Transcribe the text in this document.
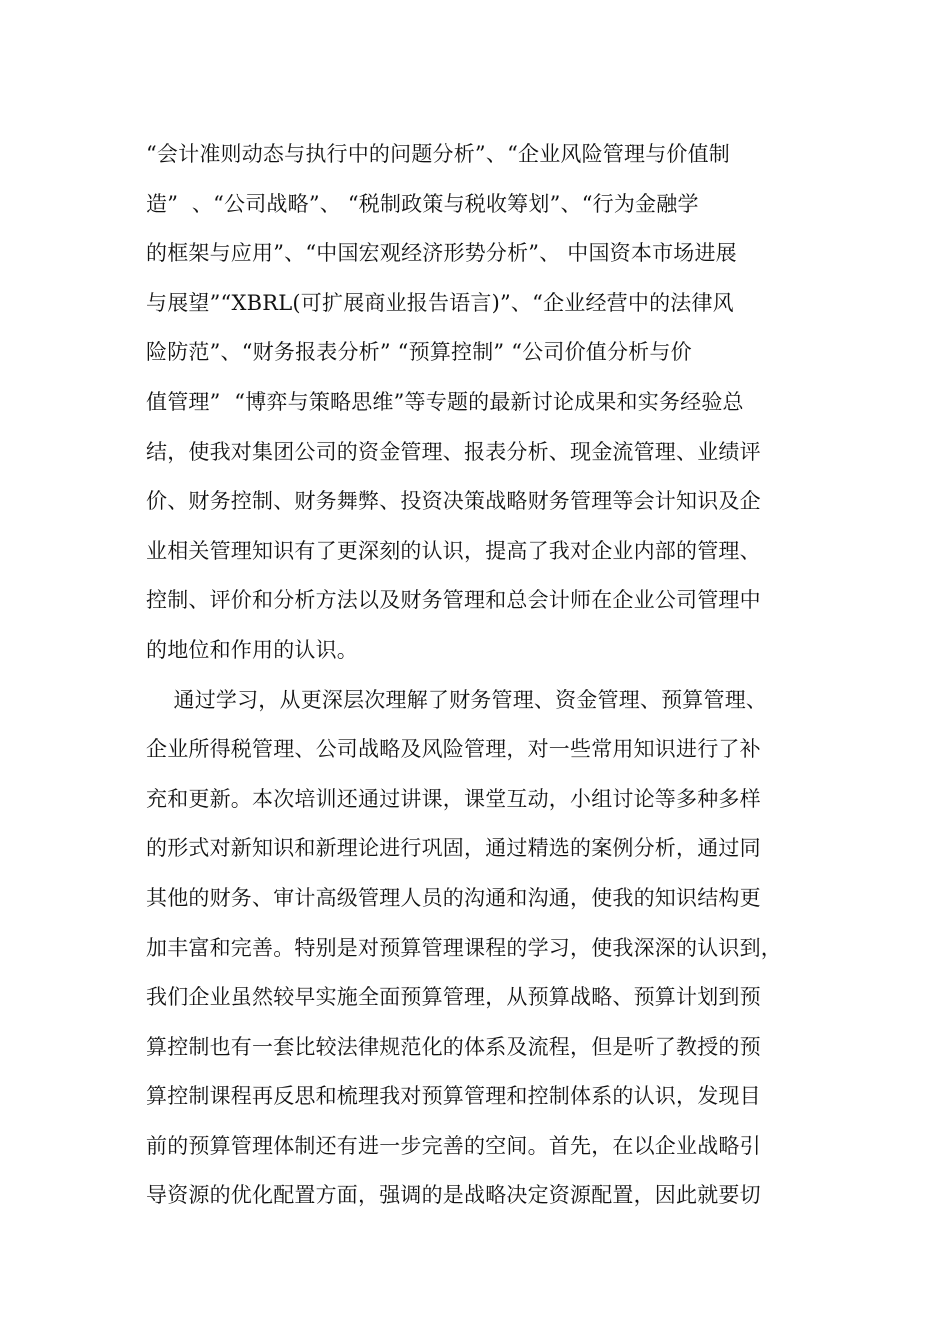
“会计准则动态与执行中的问题分析”、“企业风险管理与价值制
造”  、“公司战略”、 “税制政策与税收筹划”、“行为金融学
的框架与应用”、“中国宏观经济形势分析”、 中国资本市场进展
与展望”“XBRL(可扩展商业报告语言)”、“企业经营中的法律风
险防范”、“财务报表分析” “预算控制” “公司价值分析与价
值管理”  “博弈与策略思维”等专题的最新讨论成果和实务经验总
结，使我对集团公司的资金管理、报表分析、现金流管理、业绩评
价、财务控制、财务舞弊、投资决策战略财务管理等会计知识及企
业相关管理知识有了更深刻的认识，提高了我对企业内部的管理、
控制、评价和分析方法以及财务管理和总会计师在企业公司管理中
的地位和作用的认识。
通过学习，从更深层次理解了财务管理、资金管理、预算管理、
企业所得税管理、公司战略及风险管理，对一些常用知识进行了补
充和更新。本次培训还通过讲课，课堂互动，小组讨论等多种多样
的形式对新知识和新理论进行巩固，通过精选的案例分析，通过同
其他的财务、审计高级管理人员的沟通和沟通，使我的知识结构更
加丰富和完善。特别是对预算管理课程的学习，使我深深的认识到，
我们企业虽然较早实施全面预算管理，从预算战略、预算计划到预
算控制也有一套比较法律规范化的体系及流程，但是听了教授的预
算控制课程再反思和梳理我对预算管理和控制体系的认识，发现目
前的预算管理体制还有进一步完善的空间。首先，在以企业战略引
导资源的优化配置方面，强调的是战略决定资源配置，因此就要切
